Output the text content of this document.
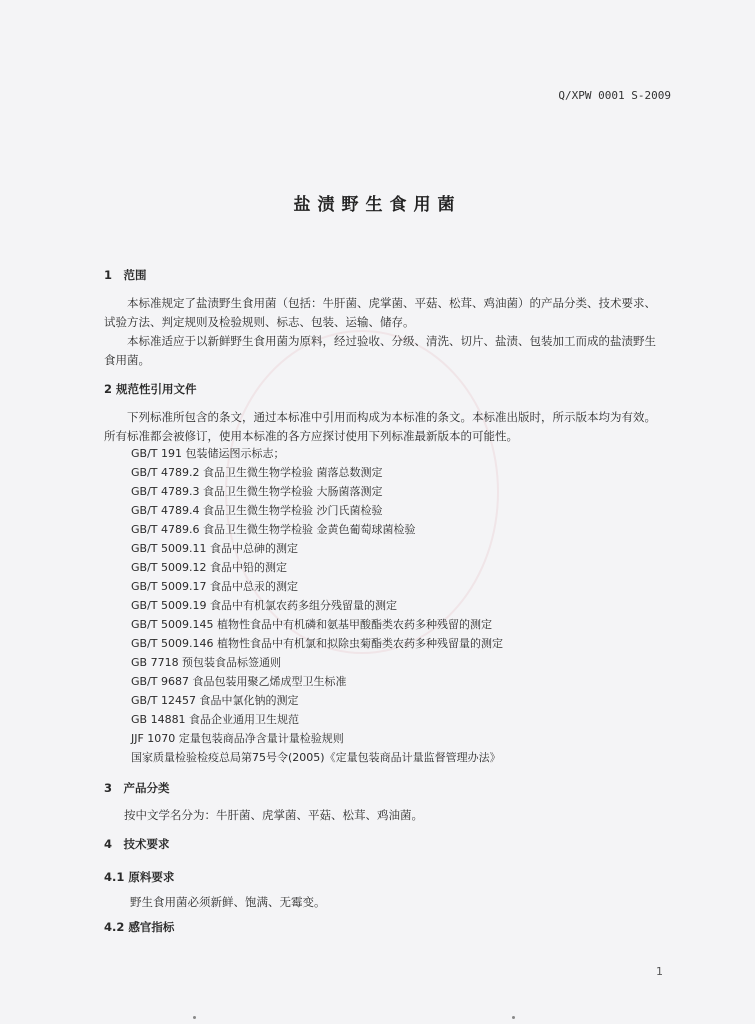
Q/XPW 0001 S-2009
盐渍野生食用菌
1　范围
本标准规定了盐渍野生食用菌（包括：牛肝菌、虎掌菌、平菇、松茸、鸡油菌）的产品分类、技术要求、试验方法、判定规则及检验规则、标志、包装、运输、储存。
本标准适应于以新鲜野生食用菌为原料，经过验收、分级、清洗、切片、盐渍、包装加工而成的盐渍野生食用菌。
2 规范性引用文件
下列标准所包含的条文，通过本标准中引用而构成为本标准的条文。本标准出版时，所示版本均为有效。所有标准都会被修订，使用本标准的各方应探讨使用下列标准最新版本的可能性。
GB/T 191 包装储运图示标志；
GB/T 4789.2 食品卫生微生物学检验 菌落总数测定
GB/T 4789.3 食品卫生微生物学检验 大肠菌落测定
GB/T 4789.4 食品卫生微生物学检验 沙门氏菌检验
GB/T 4789.6 食品卫生微生物学检验 金黄色葡萄球菌检验
GB/T 5009.11 食品中总砷的测定
GB/T 5009.12 食品中铅的测定
GB/T 5009.17 食品中总汞的测定
GB/T 5009.19 食品中有机氯农药多组分残留量的测定
GB/T 5009.145 植物性食品中有机磷和氨基甲酸酯类农药多种残留的测定
GB/T 5009.146 植物性食品中有机氯和拟除虫菊酯类农药多种残留量的测定
GB 7718 预包装食品标签通则
GB/T 9687 食品包装用聚乙烯成型卫生标准
GB/T 12457 食品中氯化钠的测定
GB 14881 食品企业通用卫生规范
JJF 1070 定量包装商品净含量计量检验规则
国家质量检验检疫总局第75号令(2005)《定量包装商品计量监督管理办法》
3　产品分类
按中文学名分为：牛肝菌、虎掌菌、平菇、松茸、鸡油菌。
4　技术要求
4.1 原料要求
野生食用菌必须新鲜、饱满、无霉变。
4.2 感官指标
1
